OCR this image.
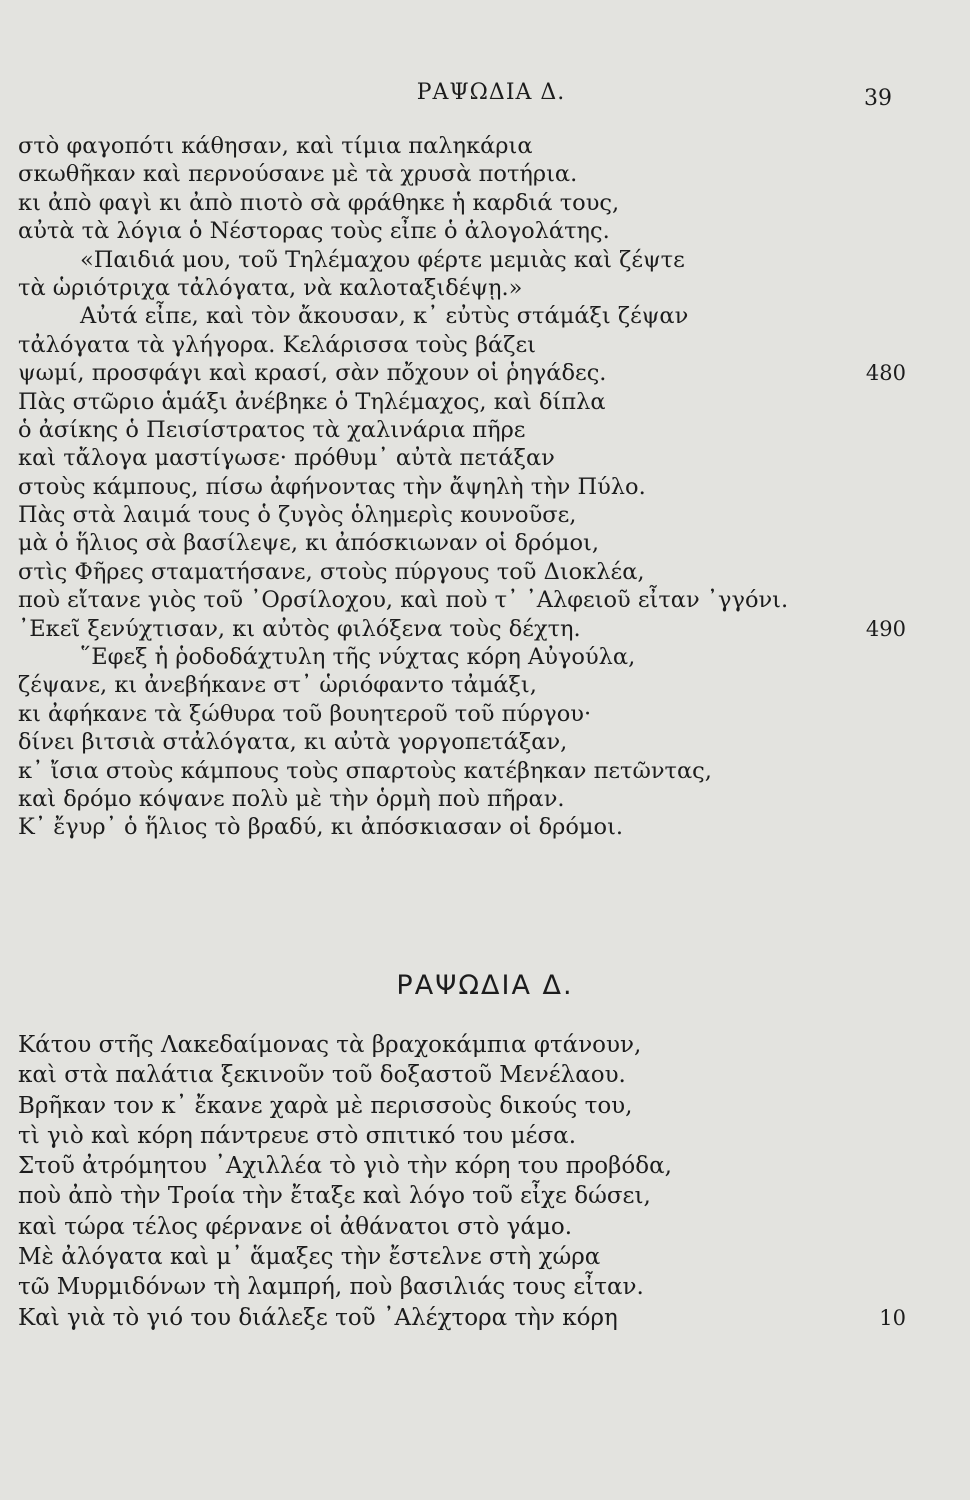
ΡΑΨΩΔΙΑ Δ.	39
στὸ φαγοπότι κάθησαν, καὶ τίμια παληκάρια
σκωθῆκαν καὶ περνούσανε μὲ τὰ χρυσὰ ποτήρια.
κι ἀπὸ φαγὶ κι ἀπὸ πιοτὸ σὰ φράθηκε ἡ καρδιά τους,
αὐτὰ τὰ λόγια ὁ Νέστορας τοὺς εἶπε ὁ ἀλογολάτης.
«Παιδιά μου, τοῦ Τηλέμαχου φέρτε μεμιὰς καὶ ζέψτε
τὰ ὡριότριχα τἀλόγατα, νὰ καλοταξιδέψῃ.»
Αὐτά εἶπε, καὶ τὸν ἄκουσαν, κ᾿ εὐτὺς στάμάξι ζέψαν
τἀλόγατα τὰ γλήγορα. Κελάρισσα τοὺς βάζει
ψωμί, προσφάγι καὶ κρασί, σὰν πὄχουν οἱ ῥηγάδες.	480
Πὰς στῶριο ἁμάξι ἀνέβηκε ὁ Τηλέμαχος, καὶ δίπλα
ὁ ἀσίκης ὁ Πεισίστρατος τὰ χαλινάρια πῆρε
καὶ τἄλογα μαστίγωσε· πρόθυμ᾿ αὐτὰ πετάξαν
στοὺς κάμπους, πίσω ἀφήνοντας τὴν ἄψηλὴ τὴν Πύλο.
Πὰς στὰ λαιμά τους ὁ ζυγὸς ὁλημερὶς κουνοῦσε,
μὰ ὁ ἥλιος σὰ βασίλεψε, κι ἀπόσκιωναν οἱ δρόμοι,
στὶς Φῆρες σταματήσανε, στοὺς πύργους τοῦ Διοκλέα,
ποὺ εἴτανε γιὸς τοῦ ᾿Ορσίλοχου, καὶ ποὺ τ᾿ ᾿Αλφειοῦ εἶταν ᾿γγόνι.
᾿Εκεῖ ξενύχτισαν, κι αὐτὸς φιλόξενα τοὺς δέχτη.	490
῞Εφεξ ἡ ῥοδοδάχτυλη τῆς νύχτας κόρη Αὐγούλα,
ζέψανε, κι ἀνεβήκανε στ᾿ ὡριόφαντο τἀμάξι,
κι ἀφήκανε τὰ ξώθυρα τοῦ βουητεροῦ τοῦ πύργου·
δίνει βιτσιὰ στἀλόγατα, κι αὐτὰ γοργοπετάξαν,
κ᾿ ἴσια στοὺς κάμπους τοὺς σπαρτοὺς κατέβηκαν πετῶντας,
καὶ δρόμο κόψανε πολὺ μὲ τὴν ὁρμὴ ποὺ πῆραν.
Κ᾿ ἔγυρ᾿ ὁ ἥλιος τὸ βραδύ, κι ἀπόσκιασαν οἱ δρόμοι.
ΡΑΨΩΔΙΑ Δ.
Κάτου στῆς Λακεδαίμονας τὰ βραχοκάμπια φτάνουν,
καὶ στὰ παλάτια ξεκινοῦν τοῦ δοξαστοῦ Μενέλαου.
Βρῆκαν τον κ᾿ ἔκανε χαρὰ μὲ περισσοὺς δικούς του,
τὶ γιὸ καὶ κόρη πάντρευε στὸ σπιτικό του μέσα.
Στοῦ ἀτρόμητου ᾿Αχιλλέα τὸ γιὸ τὴν κόρη του προβόδα,
ποὺ ἀπὸ τὴν Τροία τὴν ἔταξε καὶ λόγο τοῦ εἶχε δώσει,
καὶ τώρα τέλος φέρνανε οἱ ἀθάνατοι στὸ γάμο.
Μὲ ἀλόγατα καὶ μ᾿ ἅμαξες τὴν ἔστελνε στὴ χώρα
τῶ Μυρμιδόνων τὴ λαμπρή, ποὺ βασιλιάς τους εἶταν.
Καὶ γιὰ τὸ γιό του διάλεξε τοῦ ᾿Αλέχτορα τὴν κόρη	10
